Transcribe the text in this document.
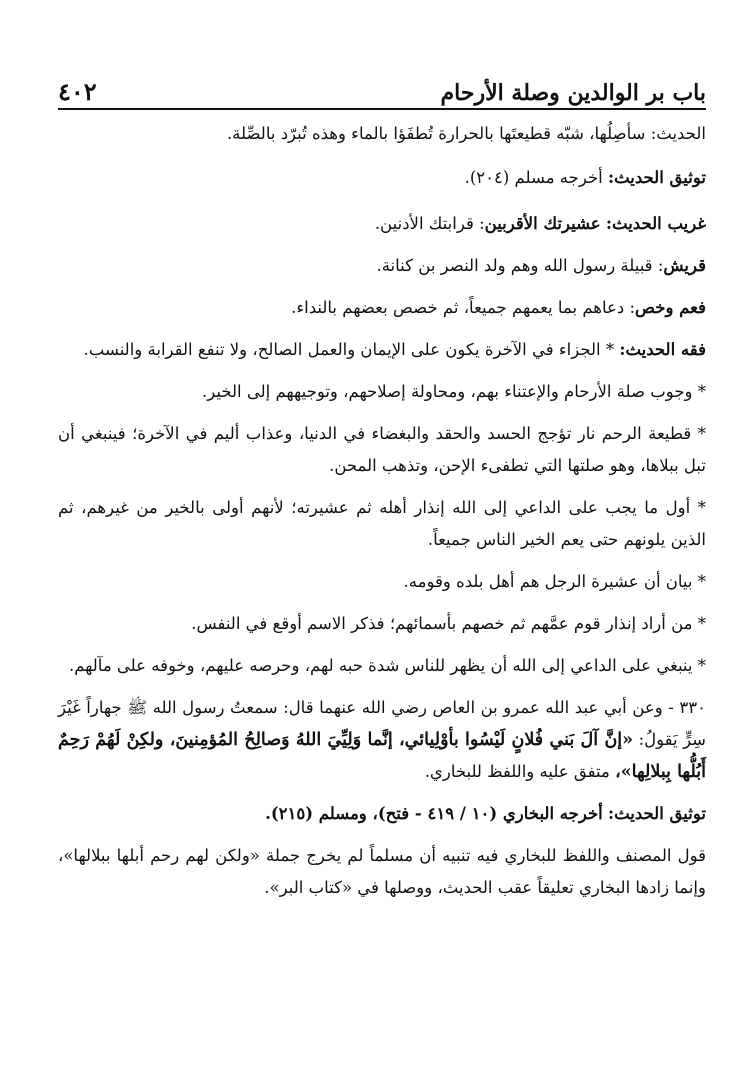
باب بر الوالدين وصلة الأرحام
٤٠٢

الحديث: سأصِلُها، شبّه قطيعتَها بالحرارة تُطفَؤا بالماء وهذه تُبرّد بالصِّلة.

توثيق الحديث: أخرجه مسلم (٢٠٤).

غريب الحديث: عشيرتك الأقربين: قرابتك الأدنين.

قريش: قبيلة رسول الله وهم ولد النصر بن كنانة.

فعم وخص: دعاهم بما يعمهم جميعاً، ثم خصص بعضهم بالنداء.

فقه الحديث: * الجزاء في الآخرة يكون على الإيمان والعمل الصالح، ولا تنفع القرابة والنسب.

* وجوب صلة الأرحام والإعتناء بهم، ومحاولة إصلاحهم، وتوجيههم إلى الخير.

* قطيعة الرحم نار تؤجج الحسد والحقد والبغضاء في الدنيا، وعذاب أليم في الآخرة؛ فينبغي أن تبل ببلاها، وهو صلتها التي تطفىء الإحن، وتذهب المحن.

* أول ما يجب على الداعي إلى الله إنذار أهله ثم عشيرته؛ لأنهم أولى بالخير من غيرهم، ثم الذين يلونهم حتى يعم الخير الناس جميعاً.

* بيان أن عشيرة الرجل هم أهل بلده وقومه.

* من أراد إنذار قوم عمَّهم ثم خصهم بأسمائهم؛ فذكر الاسم أوقع في النفس.

* ينبغي على الداعي إلى الله أن يظهر للناس شدة حبه لهم، وحرصه عليهم، وخوفه على مآلهم.

٣٣٠ - وعن أبي عبد الله عمرو بن العاص رضي الله عنهما قال: سمعتُ رسول الله ﷺ جهاراً غَيْرَ سِرٍّ يَقولُ: «إنَّ آلَ بَني فُلانٍ لَيْسُوا بأوْلِيائي، إنَّما وَلِيِّيَ اللهُ وَصالِحُ المُؤمِنينَ، ولكِنْ لَهُمْ رَحِمٌ أَبُلُّها بِبلالِها»، متفق عليه واللفظ للبخاري.

توثيق الحديث: أخرجه البخاري (١٠ / ٤١٩ - فتح)، ومسلم (٢١٥).

قول المصنف واللفظ للبخاري فيه تنبيه أن مسلماً لم يخرج جملة «ولكن لهم رحم أبلها ببلالها»، وإنما زادها البخاري تعليقاً عقب الحديث، ووصلها في «كتاب البر».
